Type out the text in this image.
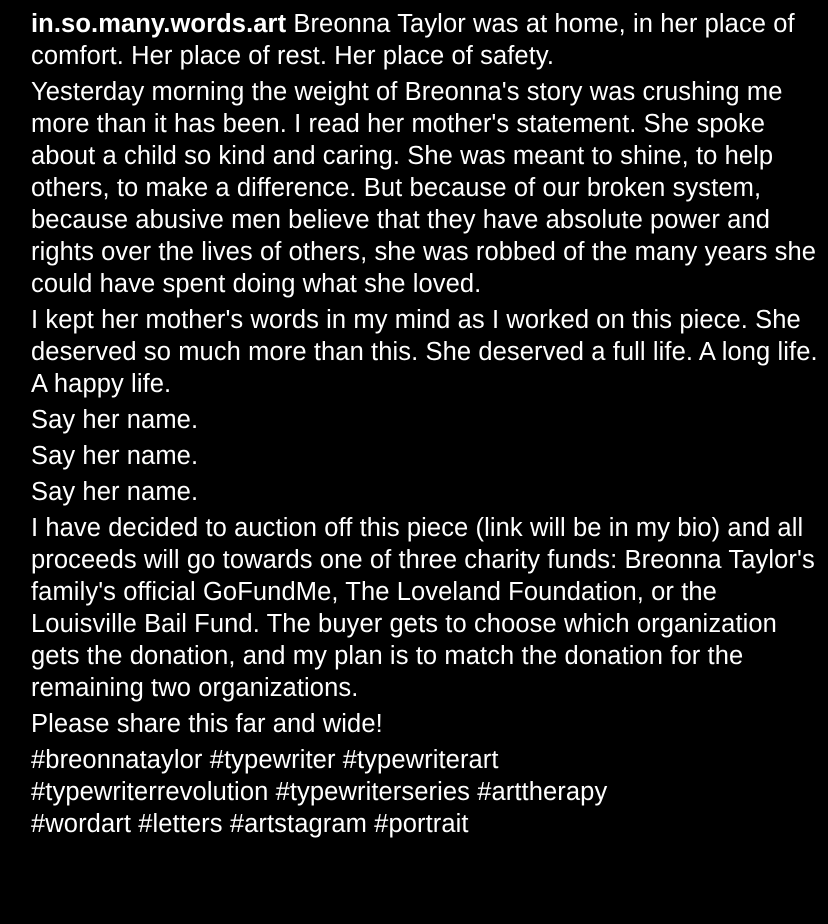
in.so.many.words.art Breonna Taylor was at home, in her place of comfort. Her place of rest. Her place of safety.

Yesterday morning the weight of Breonna's story was crushing me more than it has been. I read her mother's statement. She spoke about a child so kind and caring. She was meant to shine, to help others, to make a difference. But because of our broken system, because abusive men believe that they have absolute power and rights over the lives of others, she was robbed of the many years she could have spent doing what she loved.

I kept her mother's words in my mind as I worked on this piece. She deserved so much more than this. She deserved a full life. A long life. A happy life.

Say her name.

Say her name.

Say her name.

I have decided to auction off this piece (link will be in my bio) and all proceeds will go towards one of three charity funds: Breonna Taylor's family's official GoFundMe, The Loveland Foundation, or the Louisville Bail Fund. The buyer gets to choose which organization gets the donation, and my plan is to match the donation for the remaining two organizations.

Please share this far and wide!

#breonnataylor #typewriter #typewriterart
#typewriterrevolution #typewriterseries #arttherapy
#wordart #letters #artstagram #portrait
